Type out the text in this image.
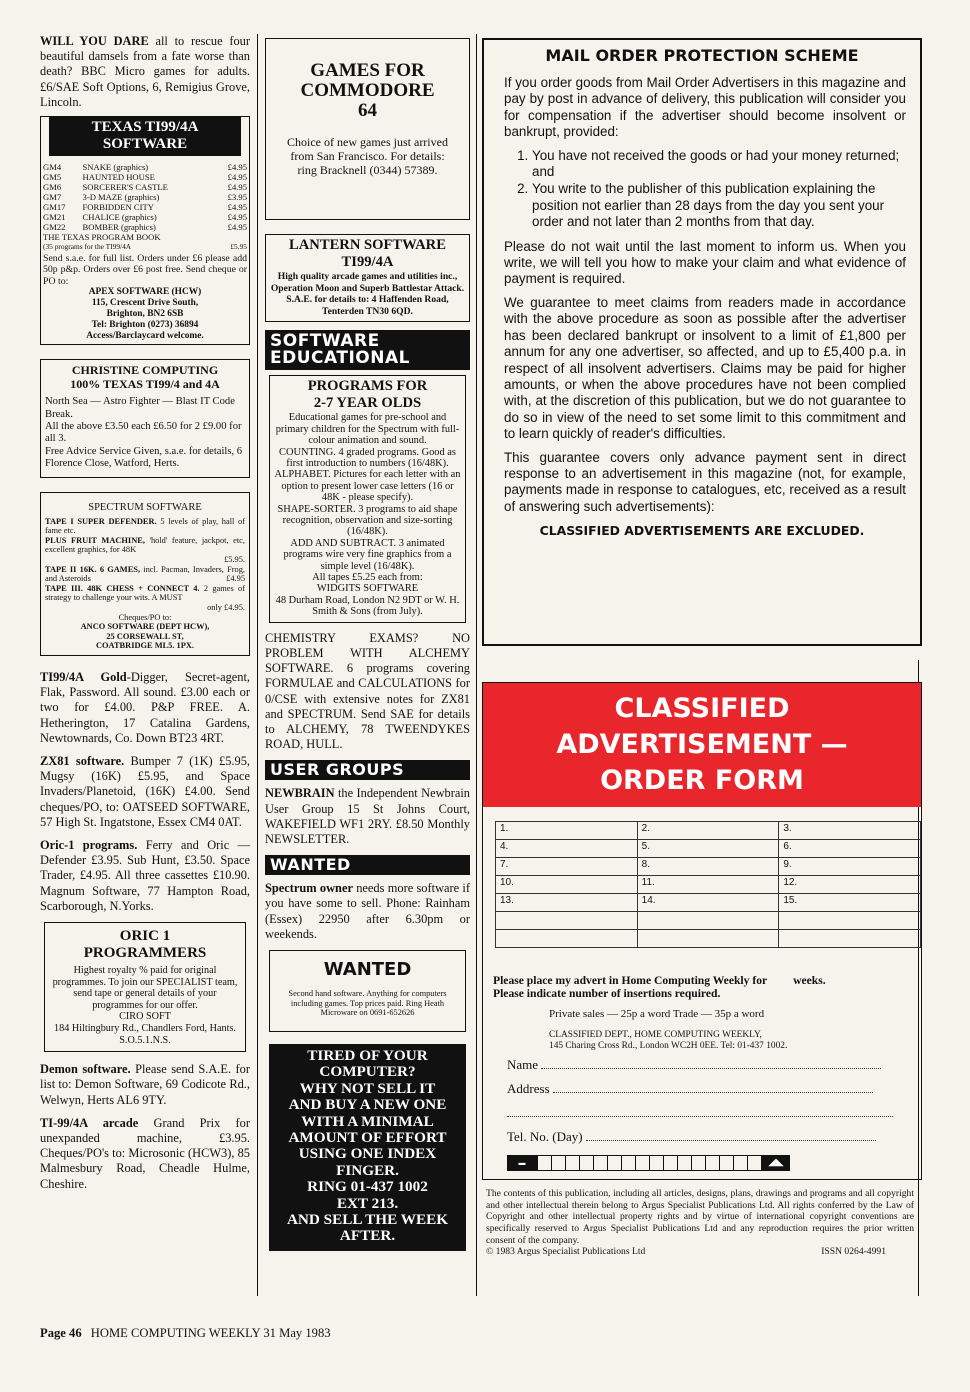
WILL YOU DARE all to rescue four beautiful damsels from a fate worse than death? BBC Micro games for adults. £6/SAE Soft Options, 6, Remigius Grove, Lincoln.

TEXAS TI99/4A
SOFTWARE
GM4	SNAKE (graphics)	£4.95
GM5	HAUNTED HOUSE	£4.95
GM6	SORCERER'S CASTLE	£4.95
GM7	3-D MAZE (graphics)	£3.95
GM17	FORBIDDEN CITY	£4.95
GM21	CHALICE (graphics)	£4.95
GM22	BOMBER (graphics)	£4.95
THE TEXAS PROGRAM BOOK
(35 programs for the TI99/4A	£5.95
Send s.a.e. for full list. Orders under £6 please add 50p p&p. Orders over £6 post free. Send cheque or PO to:
APEX SOFTWARE (HCW)
115, Crescent Drive South,
Brighton, BN2 6SB
Tel: Brighton (0273) 36894
Access/Barclaycard welcome.
CHRISTINE COMPUTING
100% TEXAS TI99/4 and 4A
North Sea — Astro Fighter — Blast IT Code Break.
All the above £3.50 each £6.50 for 2 £9.00 for all 3.
Free Advice Service Given, s.a.e. for details, 6 Florence Close, Watford, Herts.
SPECTRUM SOFTWARE
TAPE I SUPER DEFENDER. 5 levels of play, hall of fame etc.
PLUS FRUIT MACHINE, 'hold' feature, jackpot, etc, excellent graphics, for 48K
£5.95.
TAPE II 16K. 6 GAMES, incl. Pacman, Invaders, Frog, and Asteroids	£4.95
TAPE III. 48K CHESS + CONNECT 4. 2 games of strategy to challenge your wits. A MUST
only £4.95.
Cheques/PO to:
ANCO SOFTWARE (DEPT HCW),
25 CORSEWALL ST,
COATBRIDGE ML5. 1PX.

TI99/4A Gold-Digger, Secret-agent, Flak, Password. All sound. £3.00 each or two for £4.00. P&P FREE. A. Hetherington, 17 Catalina Gardens, Newtownards, Co. Down BT23 4RT.

ZX81 software. Bumper 7 (1K) £5.95, Mugsy (16K) £5.95, and Space Invaders/Planetoid, (16K) £4.00. Send cheques/PO, to: OATSEED SOFTWARE, 57 High St. Ingatstone, Essex CM4 0AT.

Oric-1 programs. Ferry and Oric — Defender £3.95. Sub Hunt, £3.50. Space Trader, £4.95. All three cassettes £10.90. Magnum Software, 77 Hampton Road, Scarborough, N.Yorks.

ORIC 1
PROGRAMMERS
Highest royalty % paid for original programmes. To join our SPECIALIST team, send tape or general details of your programmes for our offer.
CIRO SOFT
184 Hiltingbury Rd., Chandlers Ford, Hants. S.O.5.1.N.S.

Demon software. Please send S.A.E. for list to: Demon Software, 69 Codicote Rd., Welwyn, Herts AL6 9TY.

TI-99/4A arcade Grand Prix for unexpanded machine, £3.95. Cheques/PO's to: Microsonic (HCW3), 85 Malmesbury Road, Cheadle Hulme, Cheshire.

GAMES FOR
COMMODORE
64
Choice of new games just arrived from San Francisco. For details: ring Bracknell (0344) 57389.
LANTERN SOFTWARE
TI99/4A
High quality arcade games and utilities inc., Operation Moon and Superb Battlestar Attack. S.A.E. for details to: 4 Haffenden Road, Tenterden TN30 6QD.
SOFTWARE
EDUCATIONAL
PROGRAMS FOR
2-7 YEAR OLDS
Educational games for pre-school and primary children for the Spectrum with full-colour animation and sound.
COUNTING. 4 graded programs. Good as first introduction to numbers (16/48K).
ALPHABET. Pictures for each letter with an option to present lower case letters (16 or 48K - please specify).
SHAPE-SORTER. 3 programs to aid shape recognition, observation and size-sorting (16/48K).
ADD AND SUBTRACT. 3 animated programs wire very fine graphics from a simple level (16/48K).
All tapes £5.25 each from:
WIDGITS SOFTWARE
48 Durham Road, London N2 9DT or W. H. Smith & Sons (from July).

CHEMISTRY EXAMS? NO PROBLEM WITH ALCHEMY SOFTWARE. 6 programs covering FORMULAE and CALCULATIONS for 0/CSE with extensive notes for ZX81 and SPECTRUM. Send SAE for details to ALCHEMY, 78 TWEENDYKES ROAD, HULL.

USER GROUPS

NEWBRAIN the Independent Newbrain User Group 15 St Johns Court, WAKEFIELD WF1 2RY. £8.50 Monthly NEWSLETTER.

WANTED

Spectrum owner needs more software if you have some to sell. Phone: Rainham (Essex) 22950 after 6.30pm or weekends.

WANTED
Second hand software. Anything for computers including games. Top prices paid. Ring Heath Microware on 0691-652626
TIRED OF YOUR
COMPUTER?
WHY NOT SELL IT
AND BUY A NEW ONE
WITH A MINIMAL
AMOUNT OF EFFORT
USING ONE INDEX
FINGER.
RING 01-437 1002
EXT 213.
AND SELL THE WEEK
AFTER.
MAIL ORDER PROTECTION SCHEME

If you order goods from Mail Order Advertisers in this magazine and pay by post in advance of delivery, this publication will consider you for compensation if the advertiser should become insolvent or bankrupt, provided:

1. You have not received the goods or had your money returned; and
2. You write to the publisher of this publication explaining the position not earlier than 28 days from the day you sent your order and not later than 2 months from that day.

Please do not wait until the last moment to inform us. When you write, we will tell you how to make your claim and what evidence of payment is required.

We guarantee to meet claims from readers made in accordance with the above procedure as soon as possible after the advertiser has been declared bankrupt or insolvent to a limit of £1,800 per annum for any one advertiser, so affected, and up to £5,400 p.a. in respect of all insolvent advertisers. Claims may be paid for higher amounts, or when the above procedures have not been complied with, at the discretion of this publication, but we do not guarantee to do so in view of the need to set some limit to this commitment and to learn quickly of reader's difficulties.

This guarantee covers only advance payment sent in direct response to an advertisement in this magazine (not, for example, payments made in response to catalogues, etc, received as a result of answering such advertisements):

CLASSIFIED ADVERTISEMENTS ARE EXCLUDED.
CLASSIFIED
ADVERTISEMENT —
ORDER FORM
1.	2.	3.
4.	5.	6.
7.	8.	9.
10.	11.	12.
13.	14.	15.

Please place my advert in Home Computing Weekly for weeks.
Please indicate number of insertions required.
Private sales — 25p a word Trade — 35p a word
CLASSIFIED DEPT., HOME COMPUTING WEEKLY,
145 Charing Cross Rd., London WC2H 0EE. Tel: 01-437 1002.
Name
Address
Tel. No. (Day)
▬	◢◣
The contents of this publication, including all articles, designs, plans, drawings and programs and all copyright and other intellectual therein belong to Argus Specialist Publications Ltd. All rights conferred by the Law of Copyright and other intellectual property rights and by virtue of international copyright conventions are specifically reserved to Argus Specialist Publications Ltd and any reproduction requires the prior written consent of the company.
© 1983 Argus Specialist Publications Ltd	ISSN 0264-4991
Page 46 HOME COMPUTING WEEKLY 31 May 1983
